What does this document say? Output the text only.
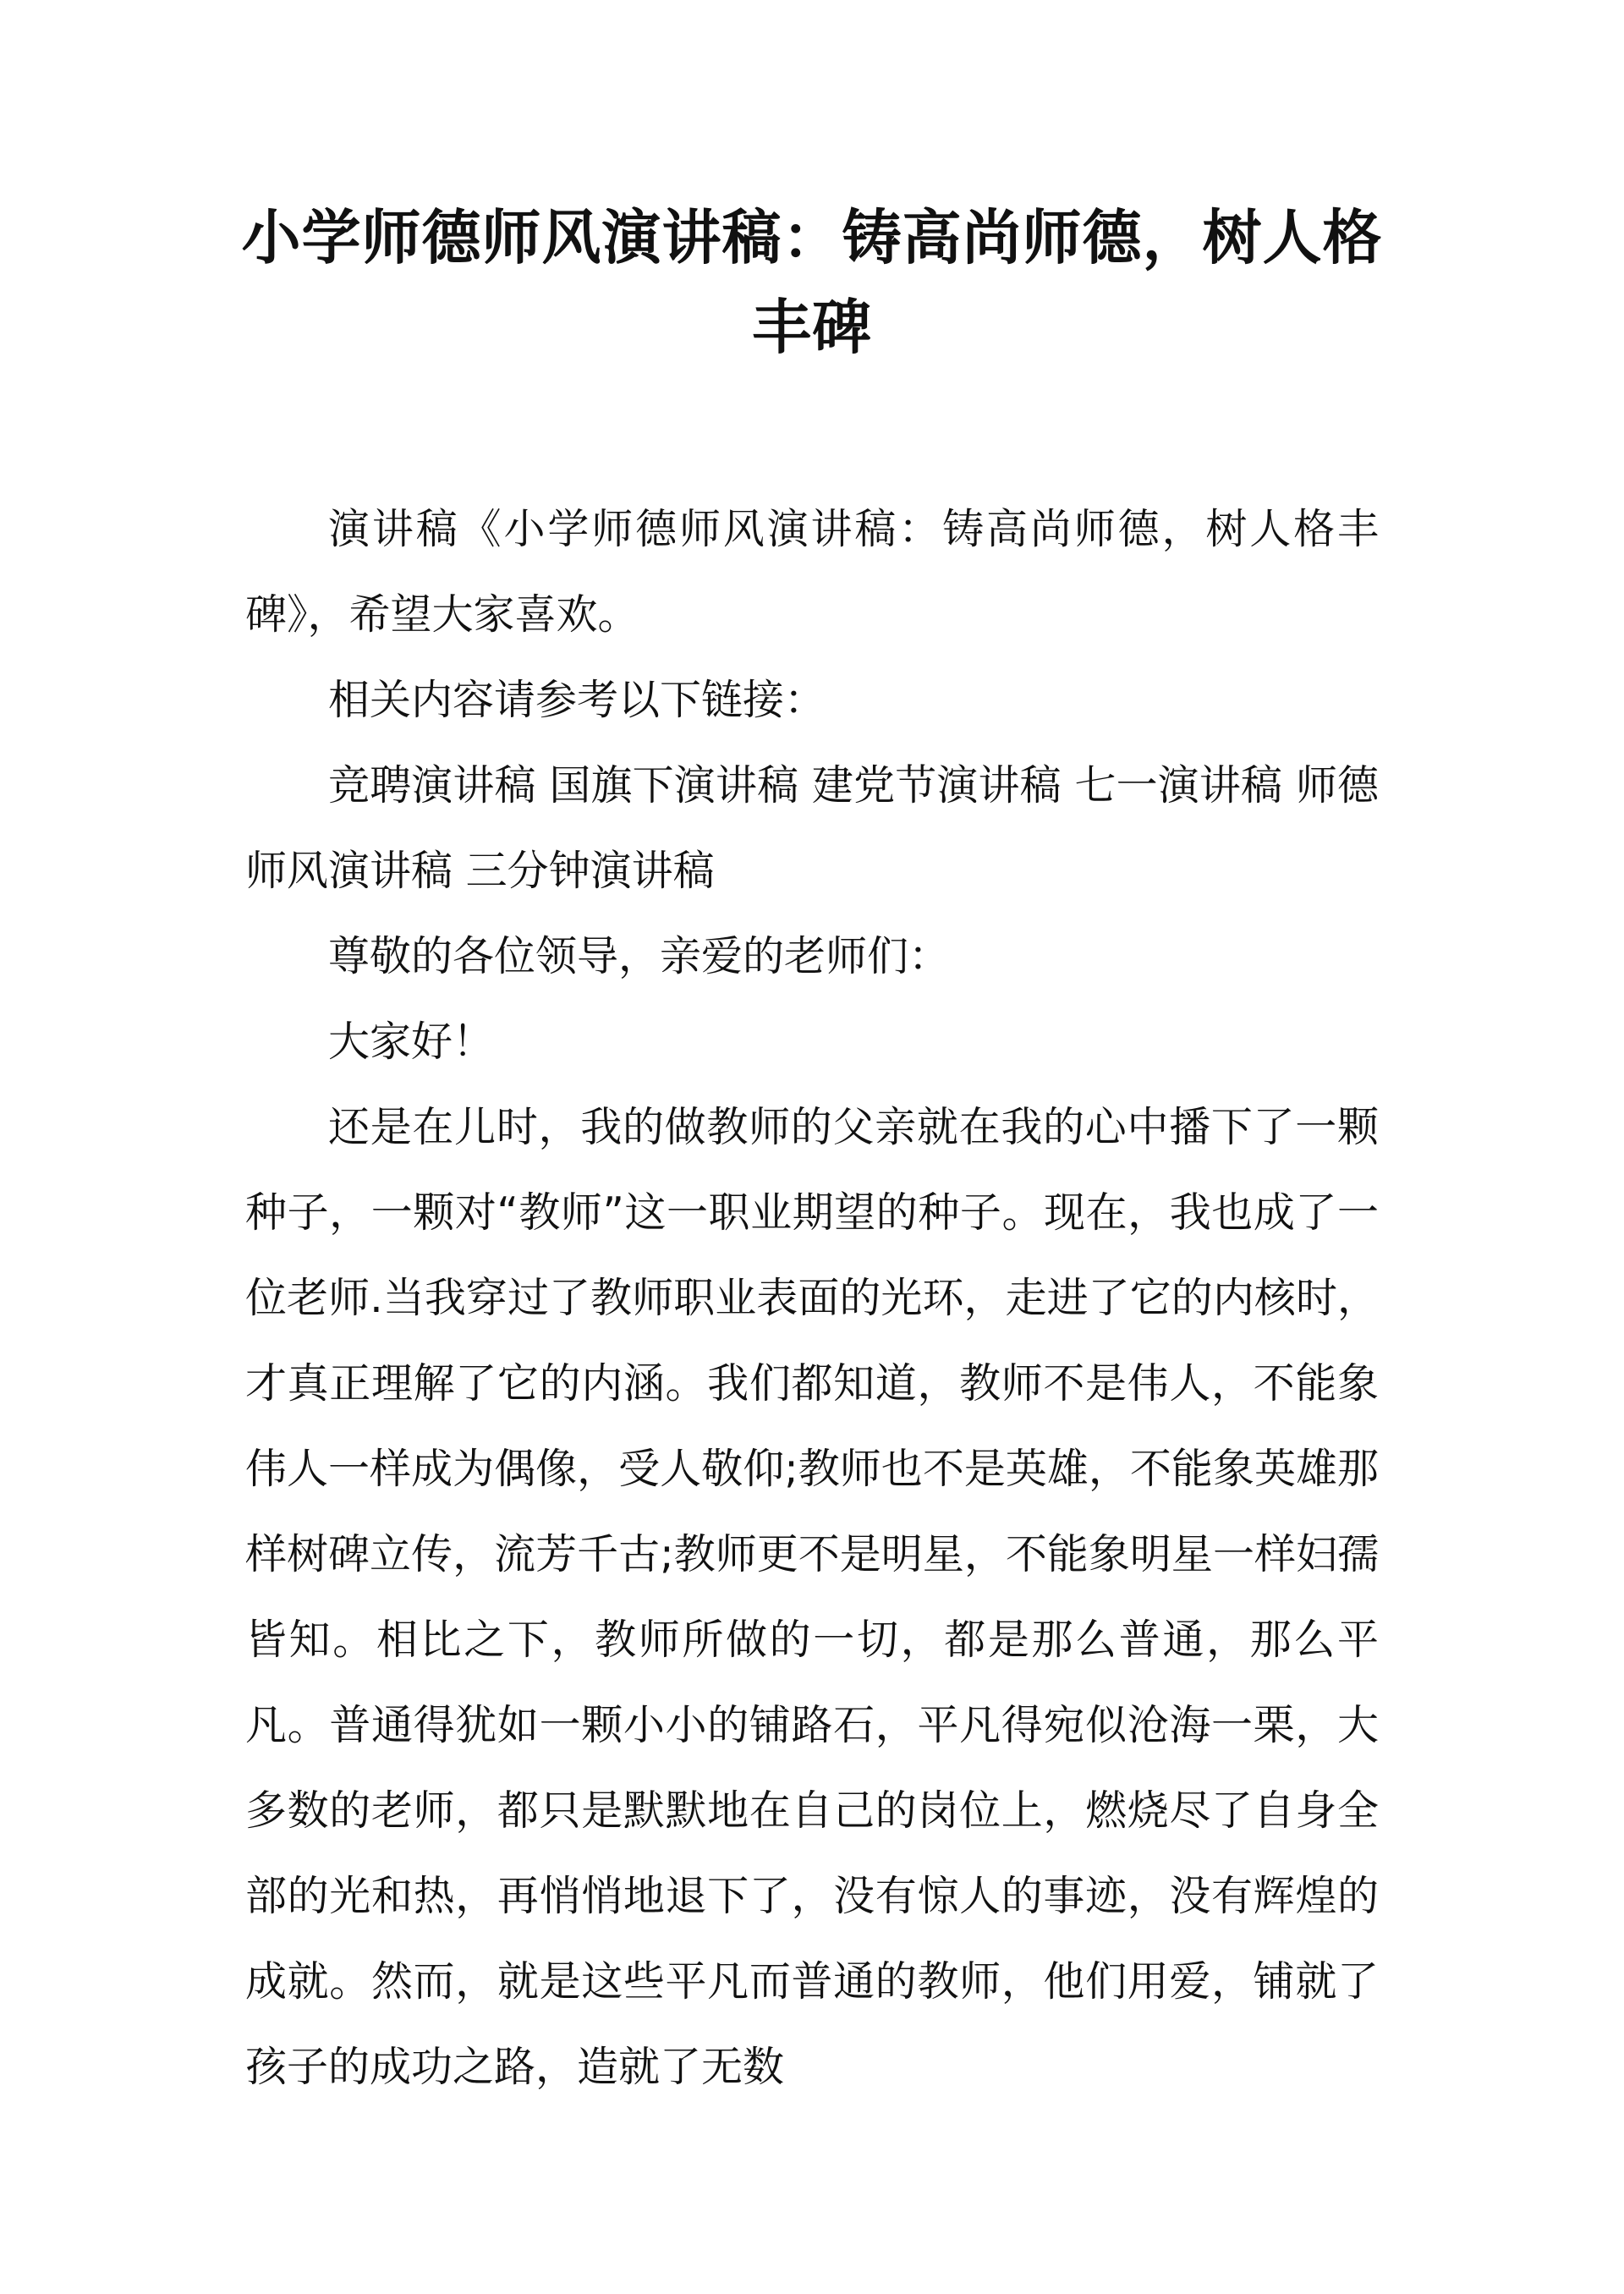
小学师德师风演讲稿：铸高尚师德，树人格丰碑

演讲稿《小学师德师风演讲稿：铸高尚师德，树人格丰碑》，希望大家喜欢。

相关内容请参考以下链接：

竞聘演讲稿 国旗下演讲稿 建党节演讲稿 七一演讲稿 师德师风演讲稿 三分钟演讲稿

尊敬的各位领导，亲爱的老师们：

大家好！

还是在儿时，我的做教师的父亲就在我的心中播下了一颗种子，一颗对“教师”这一职业期望的种子。现在，我也成了一位老师.当我穿过了教师职业表面的光环，走进了它的内核时，才真正理解了它的内涵。我们都知道，教师不是伟人，不能象伟人一样成为偶像，受人敬仰;教师也不是英雄，不能象英雄那样树碑立传，流芳千古;教师更不是明星，不能象明星一样妇孺皆知。相比之下，教师所做的一切，都是那么普通，那么平凡。普通得犹如一颗小小的铺路石，平凡得宛似沧海一栗，大多数的老师，都只是默默地在自己的岗位上，燃烧尽了自身全部的光和热，再悄悄地退下了，没有惊人的事迹，没有辉煌的成就。然而，就是这些平凡而普通的教师，他们用爱，铺就了孩子的成功之路，造就了无数
